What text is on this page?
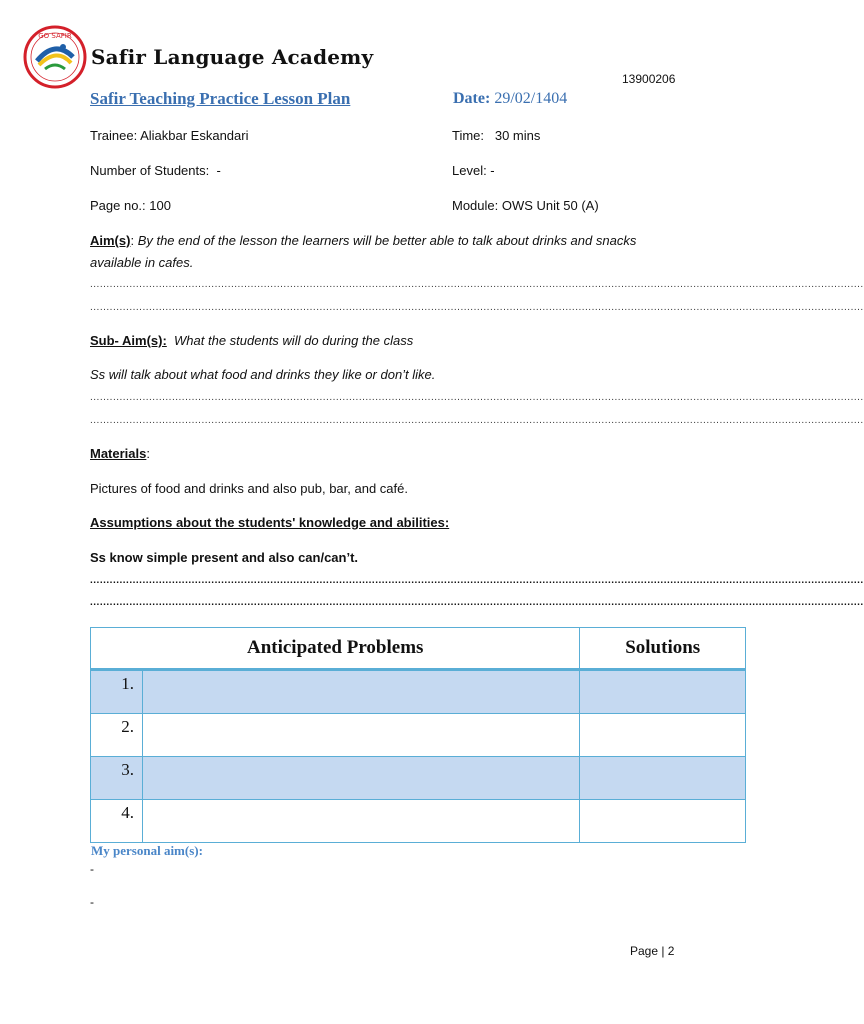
GO SAFIR
Safir Language Academy
13900206
Safir Teaching Practice Lesson Plan	Date: 29/02/1404
Trainee: Aliakbar Eskandari	Time:   30 mins
Number of Students:  -	Level: -
Page no.: 100	Module: OWS Unit 50 (A)
Aim(s): By the end of the lesson the learners will be better able to talk about drinks and snacks
available in cafes.
............................................................................................................................................................................................................................................
............................................................................................................................................................................................................................................
Sub- Aim(s): What the students will do during the class
Ss will talk about what food and drinks they like or don’t like.
............................................................................................................................................................................................................................................
............................................................................................................................................................................................................................................
Materials:
Pictures of food and drinks and also pub, bar, and café.
Assumptions about the students' knowledge and abilities:
Ss know simple present and also can/can’t.
............................................................................................................................................................................................................................................
............................................................................................................................................................................................................................................
Anticipated Problems		Solutions
1.		
2.		
3.		
4.		
My personal aim(s):
-
-
Page | 2
